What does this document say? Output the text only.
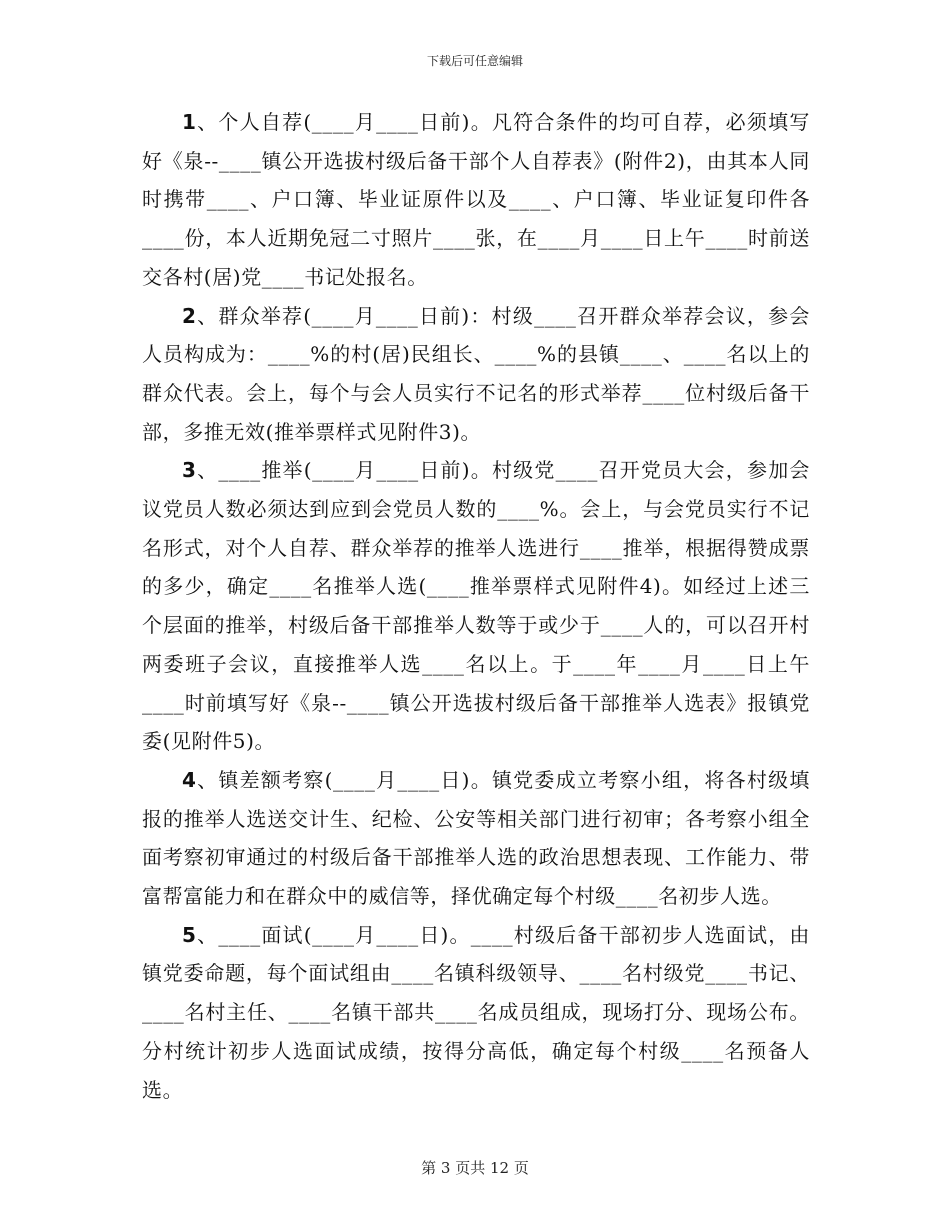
下载后可任意编辑

1、个人自荐(____月____日前)。凡符合条件的均可自荐，必须填写好《泉--____镇公开选拔村级后备干部个人自荐表》(附件2)，由其本人同时携带____、户口簿、毕业证原件以及____、户口簿、毕业证复印件各____份，本人近期免冠二寸照片____张，在____月____日上午____时前送交各村(居)党____书记处报名。

2、群众举荐(____月____日前)：村级____召开群众举荐会议，参会人员构成为：____%的村(居)民组长、____%的县镇____、____名以上的群众代表。会上，每个与会人员实行不记名的形式举荐____位村级后备干部，多推无效(推举票样式见附件3)。

3、____推举(____月____日前)。村级党____召开党员大会，参加会议党员人数必须达到应到会党员人数的____%。会上，与会党员实行不记名形式，对个人自荐、群众举荐的推举人选进行____推举，根据得赞成票的多少，确定____名推举人选(____推举票样式见附件4)。如经过上述三个层面的推举，村级后备干部推举人数等于或少于____人的，可以召开村两委班子会议，直接推举人选____名以上。于____年____月____日上午____时前填写好《泉--____镇公开选拔村级后备干部推举人选表》报镇党委(见附件5)。

4、镇差额考察(____月____日)。镇党委成立考察小组，将各村级填报的推举人选送交计生、纪检、公安等相关部门进行初审；各考察小组全面考察初审通过的村级后备干部推举人选的政治思想表现、工作能力、带富帮富能力和在群众中的威信等，择优确定每个村级____名初步人选。

5、____面试(____月____日)。____村级后备干部初步人选面试，由镇党委命题，每个面试组由____名镇科级领导、____名村级党____书记、____名村主任、____名镇干部共____名成员组成，现场打分、现场公布。分村统计初步人选面试成绩，按得分高低，确定每个村级____名预备人选。

第 3 页共 12 页
